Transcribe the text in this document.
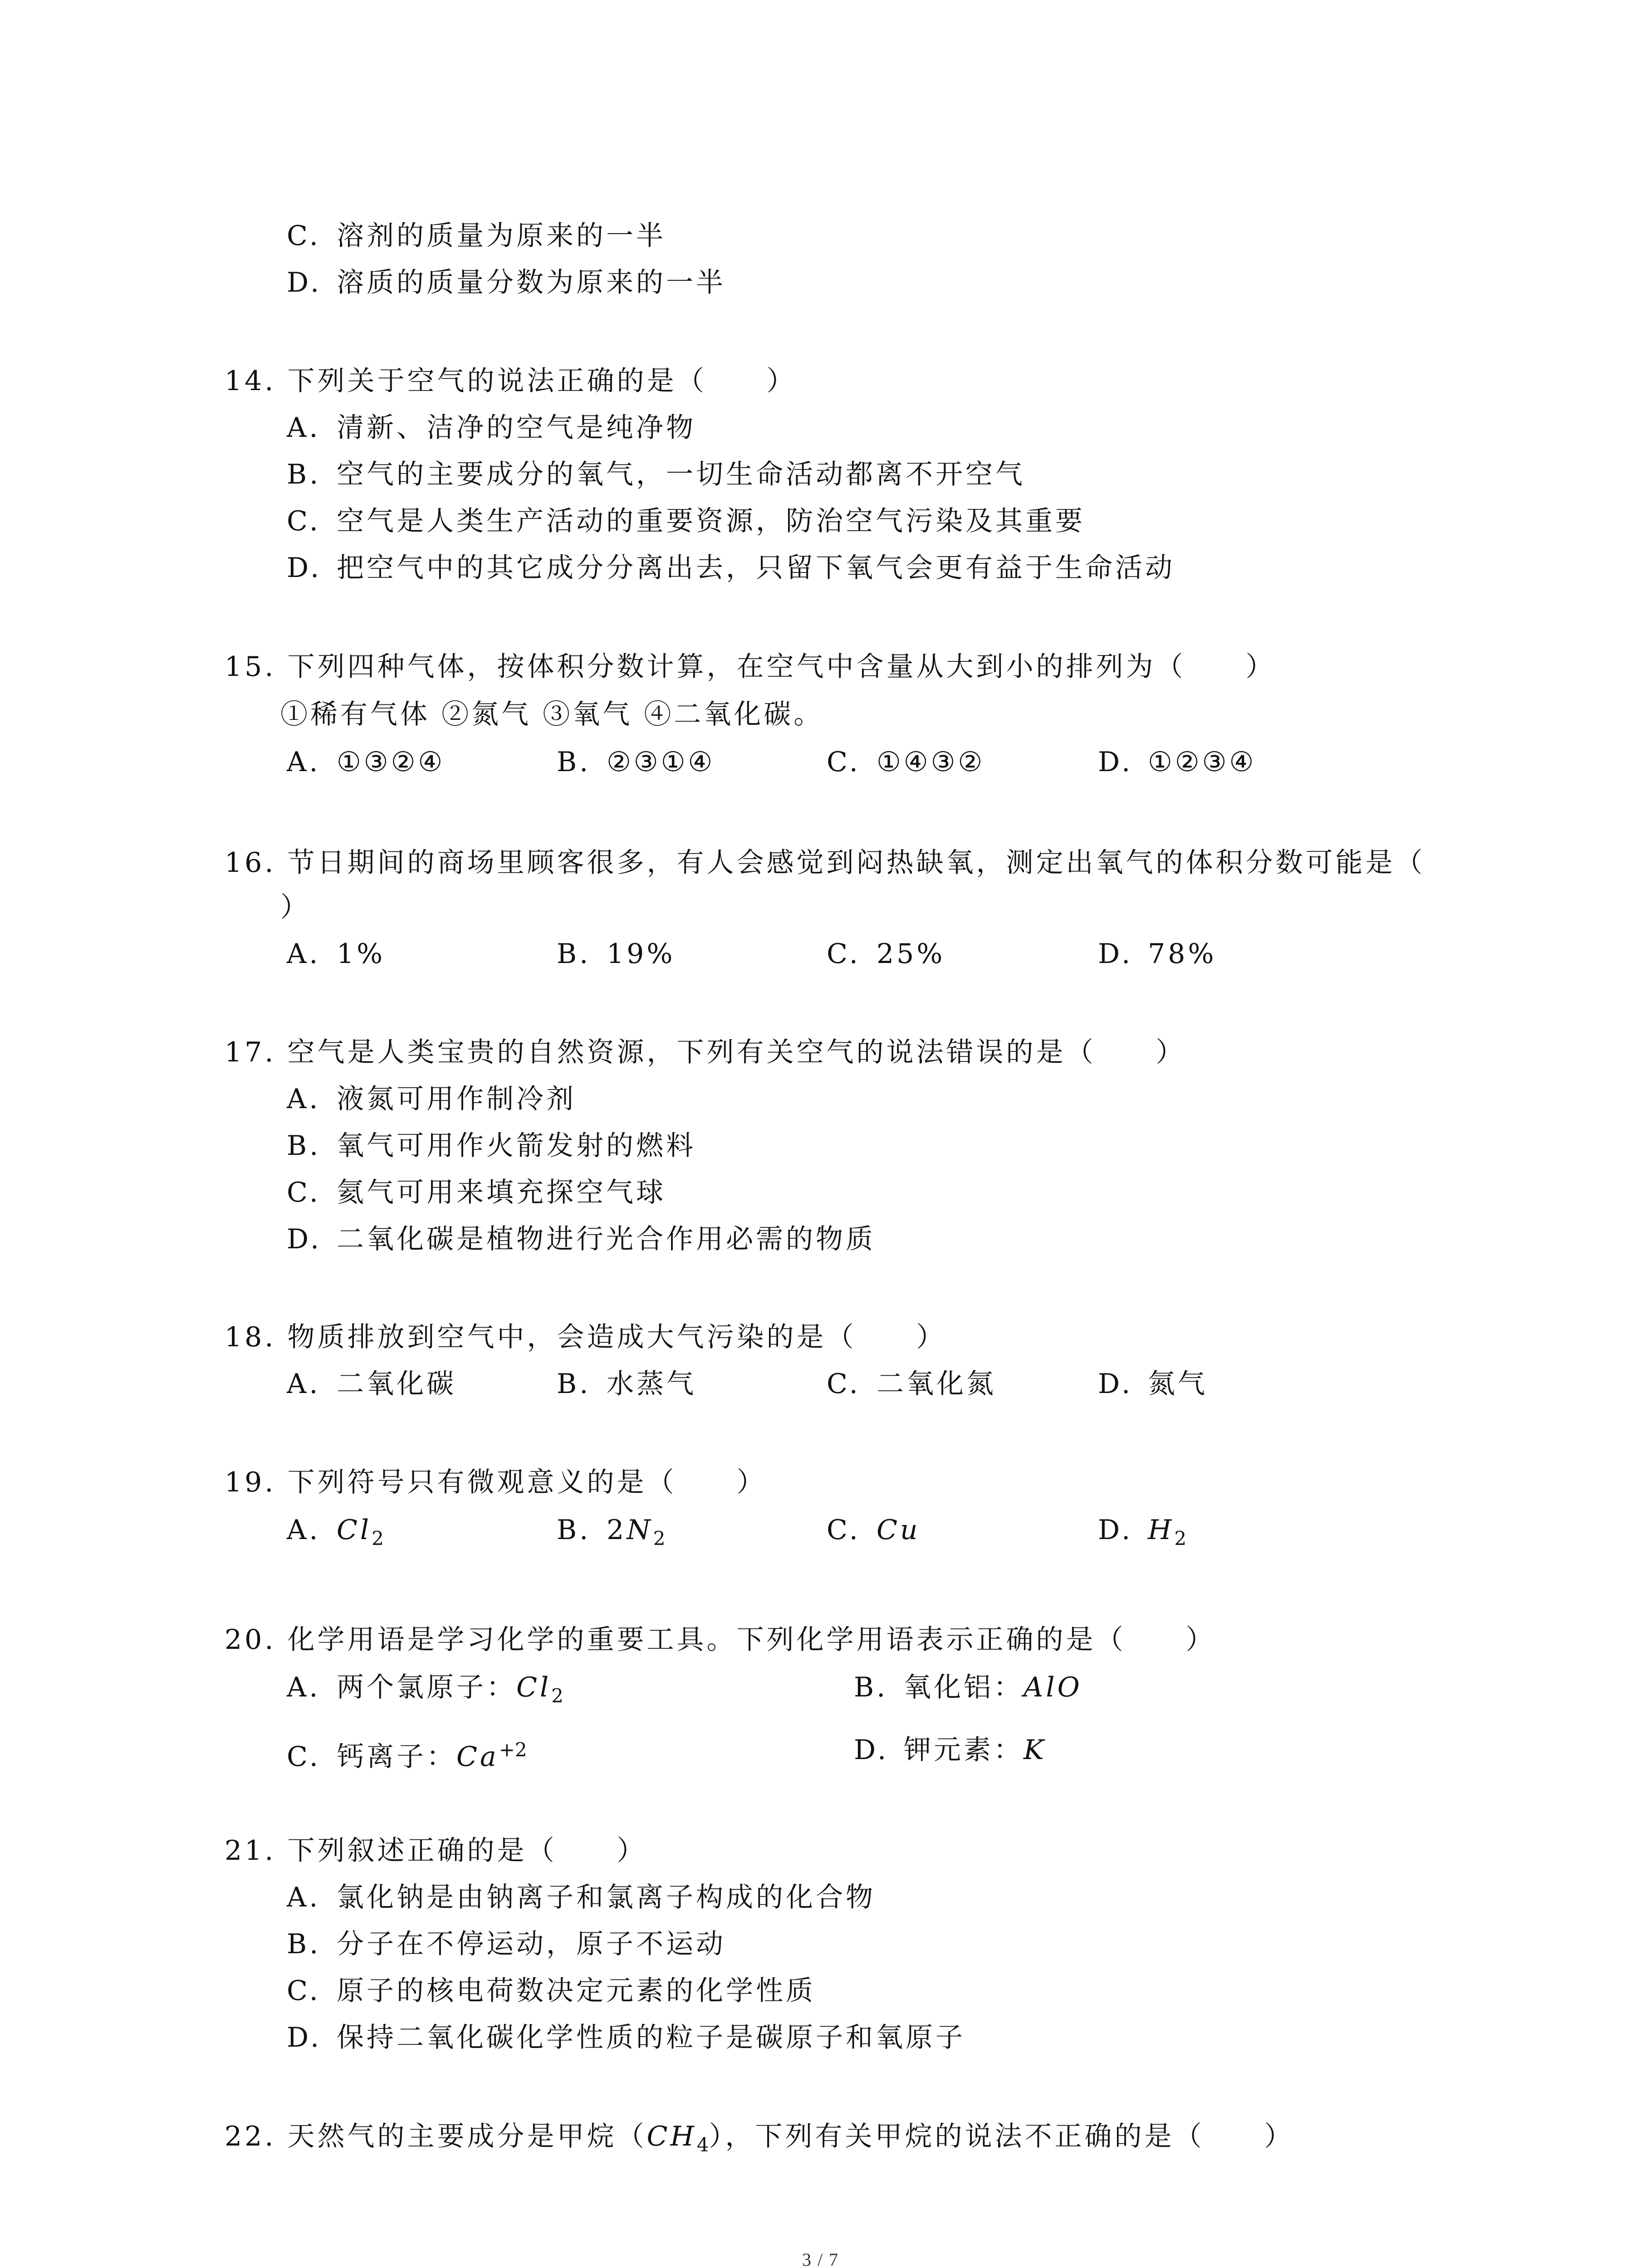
C. 溶剂的质量为原来的一半
D. 溶质的质量分数为原来的一半
14. 下列关于空气的说法正确的是（　　）
A. 清新、洁净的空气是纯净物
B. 空气的主要成分的氧气，一切生命活动都离不开空气
C. 空气是人类生产活动的重要资源，防治空气污染及其重要
D. 把空气中的其它成分分离出去，只留下氧气会更有益于生命活动
15. 下列四种气体，按体积分数计算，在空气中含量从大到小的排列为（　　）
①稀有气体 ②氮气 ③氧气 ④二氧化碳。
A. ①③②④	B. ②③①④	C. ①④③②	D. ①②③④
16. 节日期间的商场里顾客很多，有人会感觉到闷热缺氧，测定出氧气的体积分数可能是（
）
A. 1%	B. 19%	C. 25%	D. 78%
17. 空气是人类宝贵的自然资源，下列有关空气的说法错误的是（　　）
A. 液氮可用作制冷剂
B. 氧气可用作火箭发射的燃料
C. 氦气可用来填充探空气球
D. 二氧化碳是植物进行光合作用必需的物质
18. 物质排放到空气中，会造成大气污染的是（　　）
A. 二氧化碳	B. 水蒸气	C. 二氧化氮	D. 氮气
19. 下列符号只有微观意义的是（　　）
A. $Cl_2$	B. $2N_2$	C. Cu	D. $H_2$
20. 化学用语是学习化学的重要工具。下列化学用语表示正确的是（　　）
A. 两个氯原子：$Cl_2$	B. 氧化铝：AlO
C. 钙离子：$Ca^{+2}$	D. 钾元素：K
21. 下列叙述正确的是（　　）
A. 氯化钠是由钠离子和氯离子构成的化合物
B. 分子在不停运动，原子不运动
C. 原子的核电荷数决定元素的化学性质
D. 保持二氧化碳化学性质的粒子是碳原子和氧原子
22. 天然气的主要成分是甲烷$(CH_4)$，下列有关甲烷的说法不正确的是（　　）
3 / 7
